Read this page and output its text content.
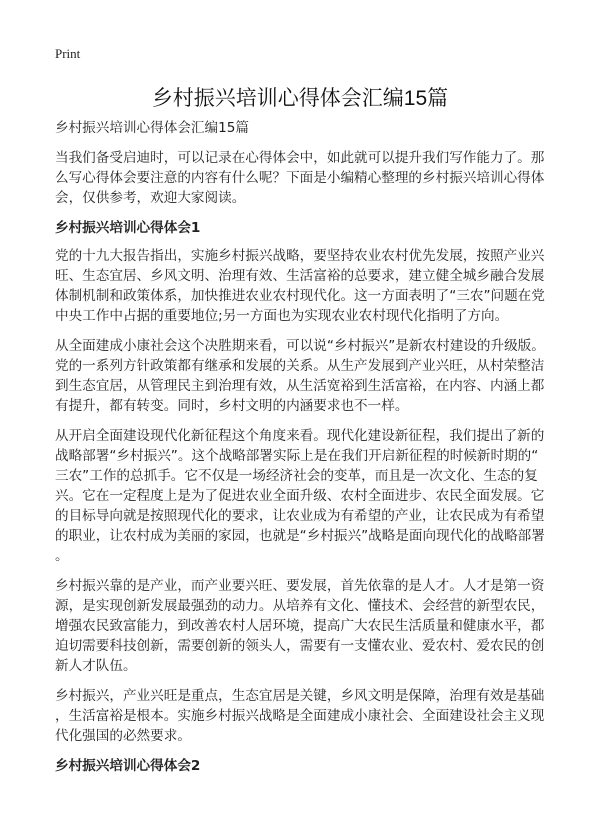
Print
乡村振兴培训心得体会汇编15篇
乡村振兴培训心得体会汇编15篇
当我们备受启迪时，可以记录在心得体会中，如此就可以提升我们写作能力了。那
么写心得体会要注意的内容有什么呢？下面是小编精心整理的乡村振兴培训心得体
会，仅供参考，欢迎大家阅读。
乡村振兴培训心得体会1
党的十九大报告指出，实施乡村振兴战略，要坚持农业农村优先发展，按照产业兴
旺、生态宜居、乡风文明、治理有效、生活富裕的总要求，建立健全城乡融合发展
体制机制和政策体系，加快推进农业农村现代化。这一方面表明了“三农”问题在党
中央工作中占据的重要地位;另一方面也为实现农业农村现代化指明了方向。
从全面建成小康社会这个决胜期来看，可以说“乡村振兴”是新农村建设的升级版。
党的一系列方针政策都有继承和发展的关系。从生产发展到产业兴旺，从村荣整洁
到生态宜居，从管理民主到治理有效，从生活宽裕到生活富裕，在内容、内涵上都
有提升，都有转变。同时，乡村文明的内涵要求也不一样。
从开启全面建设现代化新征程这个角度来看。现代化建设新征程，我们提出了新的
战略部署“乡村振兴”。这个战略部署实际上是在我们开启新征程的时候新时期的“
三农”工作的总抓手。它不仅是一场经济社会的变革，而且是一次文化、生态的复
兴。它在一定程度上是为了促进农业全面升级、农村全面进步、农民全面发展。它
的目标导向就是按照现代化的要求，让农业成为有希望的产业，让农民成为有希望
的职业，让农村成为美丽的家园，也就是“乡村振兴”战略是面向现代化的战略部署
。
乡村振兴靠的是产业，而产业要兴旺、要发展，首先依靠的是人才。人才是第一资
源，是实现创新发展最强劲的动力。从培养有文化、懂技术、会经营的新型农民，
增强农民致富能力，到改善农村人居环境，提高广大农民生活质量和健康水平，都
迫切需要科技创新，需要创新的领头人，需要有一支懂农业、爱农村、爱农民的创
新人才队伍。
乡村振兴，产业兴旺是重点，生态宜居是关键，乡风文明是保障，治理有效是基础
，生活富裕是根本。实施乡村振兴战略是全面建成小康社会、全面建设社会主义现
代化强国的必然要求。
乡村振兴培训心得体会2
